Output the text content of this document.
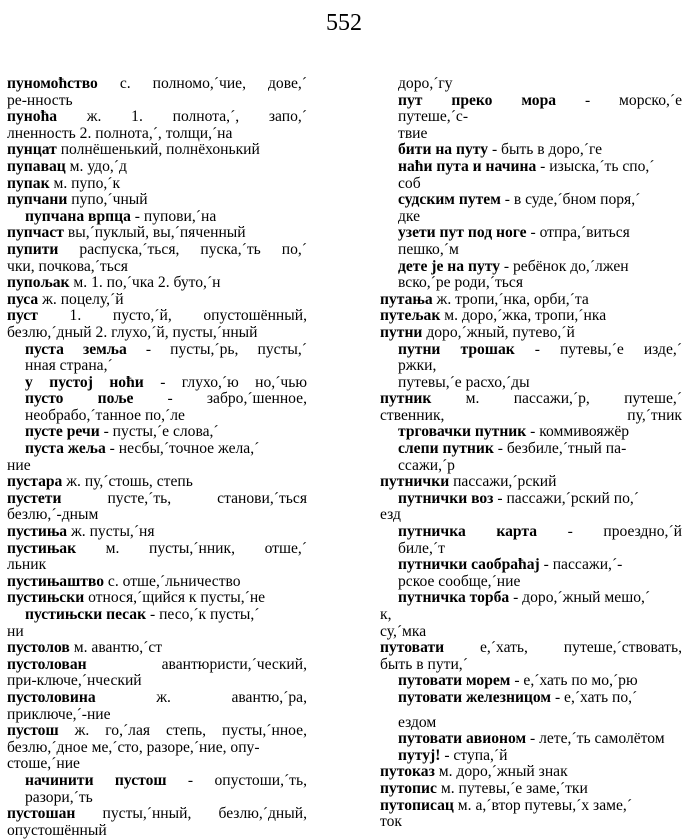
552
пуномоћство с. полномо,´чие, дове,´
ре-нность
пуноћа ж. 1. полнота,´, запо,´
лненность 2. полнота,´, толщи,´на
пунцат полнёшенький, полнёхонький
пупавац м. удо,´д
пупак м. пупо,´к
пупчани пупо,´чный
пупчана врпца - пупови,´на
пупчаст вы,´пуклый, вы,´пяченный
пупити распуска,´ться, пуска,´ть по,´
чки, почкова,´ться
пупољак м. 1. по,´чка 2. буто,´н
пуса ж. поцелу,´й
пуст 1. пусто,´й, опустошённый,
безлю,´дный 2. глухо,´й, пусты,´нный
пуста земља - пусты,´рь, пусты,´
нная страна,´
у пустој ноћи - глухо,´ю но,´чью
пусто поље - забро,´шенное,
необрабо,´танное по,´ле
пусте речи - пусты,´е слова,´
пуста жеља - несбы,´точное жела,´
ние
пустара ж. пу,´стошь, степь
пустети пусте,´ть, станови,´ться
безлю,´-дным
пустиња ж. пусты,´ня
пустињак м. пусты,´нник, отше,´
льник
пустињаштво с. отше,´льничество
пустињски относя,´щийся к пусты,´не
пустињски песак - песо,´к пусты,´
ни
пустолов м. авантю,´ст
пустолован авантюристи,´ческий,
при-ключе,´нческий
пустоловина ж. авантю,´ра,
приключе,´-ние
пустош ж. го,´лая степь, пусты,´нное,
безлю,´дное ме,´сто, разоре,´ние, опу-
стоше,´ние
начинити пустош - опустоши,´ть,
разори,´ть
пустошан пусты,´нный, безлю,´дный,
опустошённый
доро,´гу
пут преко мора - морско,´е
путеше,´с-
твие
бити на путу - быть в доро,´ге
наћи пута и начина - изыска,´ть спо,´
соб
судским путем - в суде,´бном поря,´
дке
узети пут под ноге - отпра,´виться
пешко,´м
дете је на путу - ребёнок до,´лжен
вско,´ре роди,´ться
путања ж. тропи,´нка, орби,´та
путељак м. доро,´жка, тропи,´нка
путни доро,´жный, путево,´й
путни трошак - путевы,´е изде,´
ржки,
путевы,´е расхо,´ды
путник м. пассажи,´р, путеше,´
ственник, пу,´тник
трговачки путник - коммивояжёр
слепи путник - безбиле,´тный па-
ссажи,´р
путнички пассажи,´рский
путнички воз - пассажи,´рский по,´
езд
путничка карта - проездно,´й
биле,´т
путнички саобраћај - пассажи,´-
рское сообще,´ние
путничка торба - доро,´жный мешо,´
к,
су,´мка
путовати е,´хать, путеше,´ствовать,
быть в пути,´
путовати морем - е,´хать по мо,´рю
путовати железницом - е,´хать по,´
ездом
путовати авионом - лете,´ть самолётом
путуј! - ступа,´й
путоказ м. доро,´жный знак
путопис м. путевы,´е заме,´тки
путописац м. а,´втор путевы,´х заме,´
ток
